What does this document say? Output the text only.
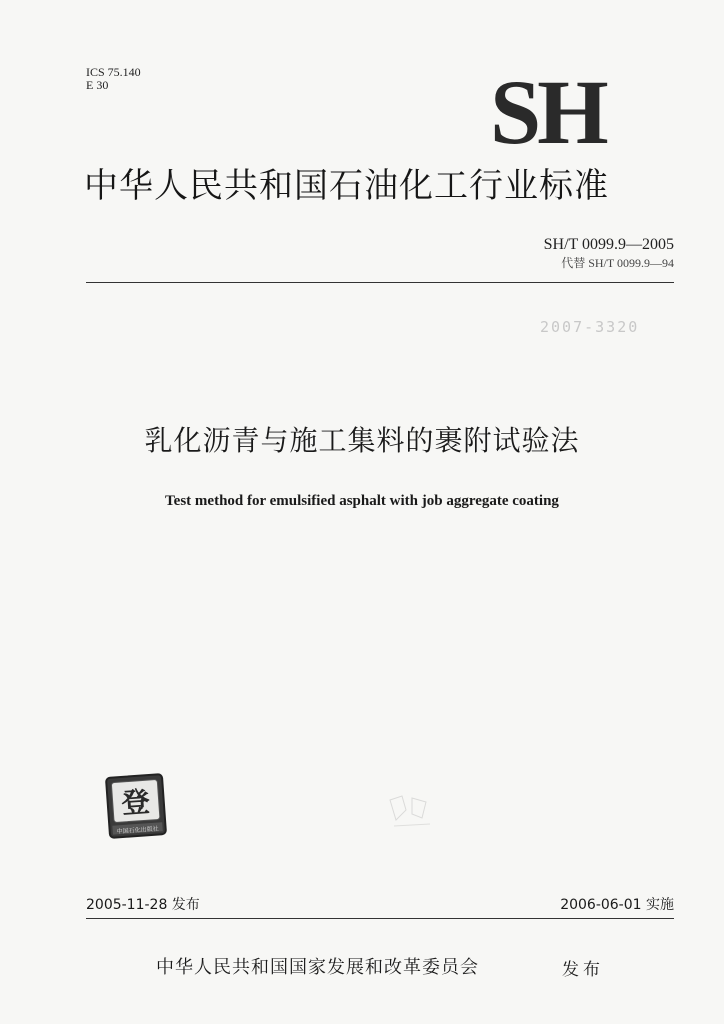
ICS 75.140
E 30	SH
中华人民共和国石油化工行业标准
SH/T 0099.9—2005
代替 SH/T 0099.9—94
2007-3320
乳化沥青与施工集料的裹附试验法
Test method for emulsified asphalt with job aggregate coating
登
中国石化出版社
2005-11-28 发布	2006-06-01 实施
中华人民共和国国家发展和改革委员会	发布
